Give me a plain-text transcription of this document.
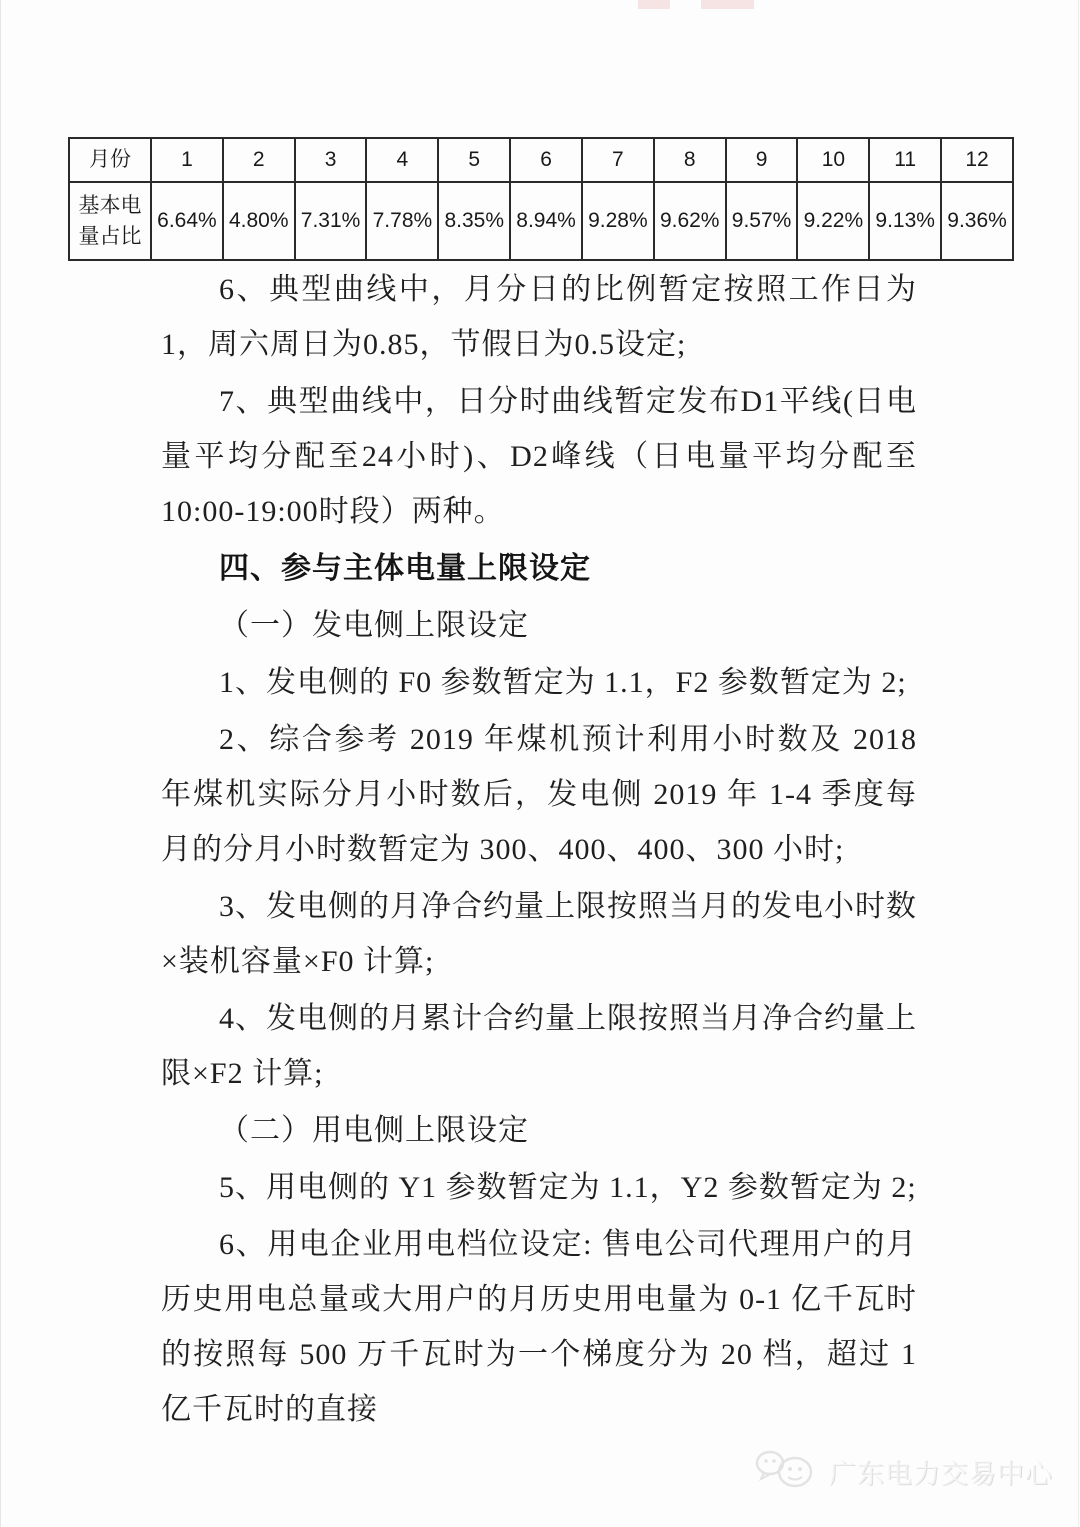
月份	1	2	3	4	5	6	7	8	9	10	11	12
基本电量占比	6.64%	4.80%	7.31%	7.78%	8.35%	8.94%	9.28%	9.62%	9.57%	9.22%	9.13%	9.36%

6、典型曲线中，月分日的比例暂定按照工作日为1，周六周日为0.85，节假日为0.5设定;

7、典型曲线中，日分时曲线暂定发布D1平线(日电量平均分配至24小时)、D2峰线（日电量平均分配至10:00-19:00时段）两种。

四、参与主体电量上限设定

（一）发电侧上限设定

1、发电侧的 F0 参数暂定为 1.1，F2 参数暂定为 2;

2、综合参考 2019 年煤机预计利用小时数及 2018 年煤机实际分月小时数后，发电侧 2019 年 1-4 季度每月的分月小时数暂定为 300、400、400、300 小时;

3、发电侧的月净合约量上限按照当月的发电小时数×装机容量×F0 计算;

4、发电侧的月累计合约量上限按照当月净合约量上限×F2 计算;

（二）用电侧上限设定

5、用电侧的 Y1 参数暂定为 1.1，Y2 参数暂定为 2;

6、用电企业用电档位设定: 售电公司代理用户的月历史用电总量或大用户的月历史用电量为 0-1 亿千瓦时的按照每 500 万千瓦时为一个梯度分为 20 档，超过 1 亿千瓦时的直接

广东电力交易中心
